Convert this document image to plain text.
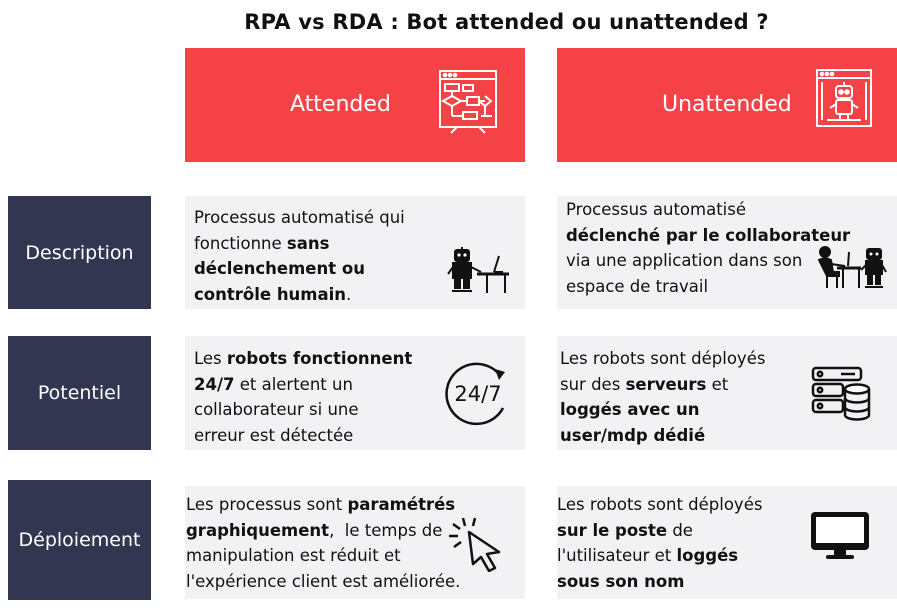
RPA vs RDA : Bot attended ou unattended ?
Attended	Unattended
Description
Potentiel
Déploiement
Processus automatisé qui
fonctionne sans
déclenchement ou
contrôle humain.
Processus automatisé
déclenché par le collaborateur
via une application dans son
espace de travail
Les robots fonctionnent
24/7 et alertent un
collaborateur si une
erreur est détectée
24/7
Les robots sont déployés
sur des serveurs et
loggés avec un
user/mdp dédié
Les processus sont paramétrés
graphiquement,  le temps de
manipulation est réduit et
l'expérience client est améliorée.
Les robots sont déployés
sur le poste de
l'utilisateur et loggés
sous son nom
